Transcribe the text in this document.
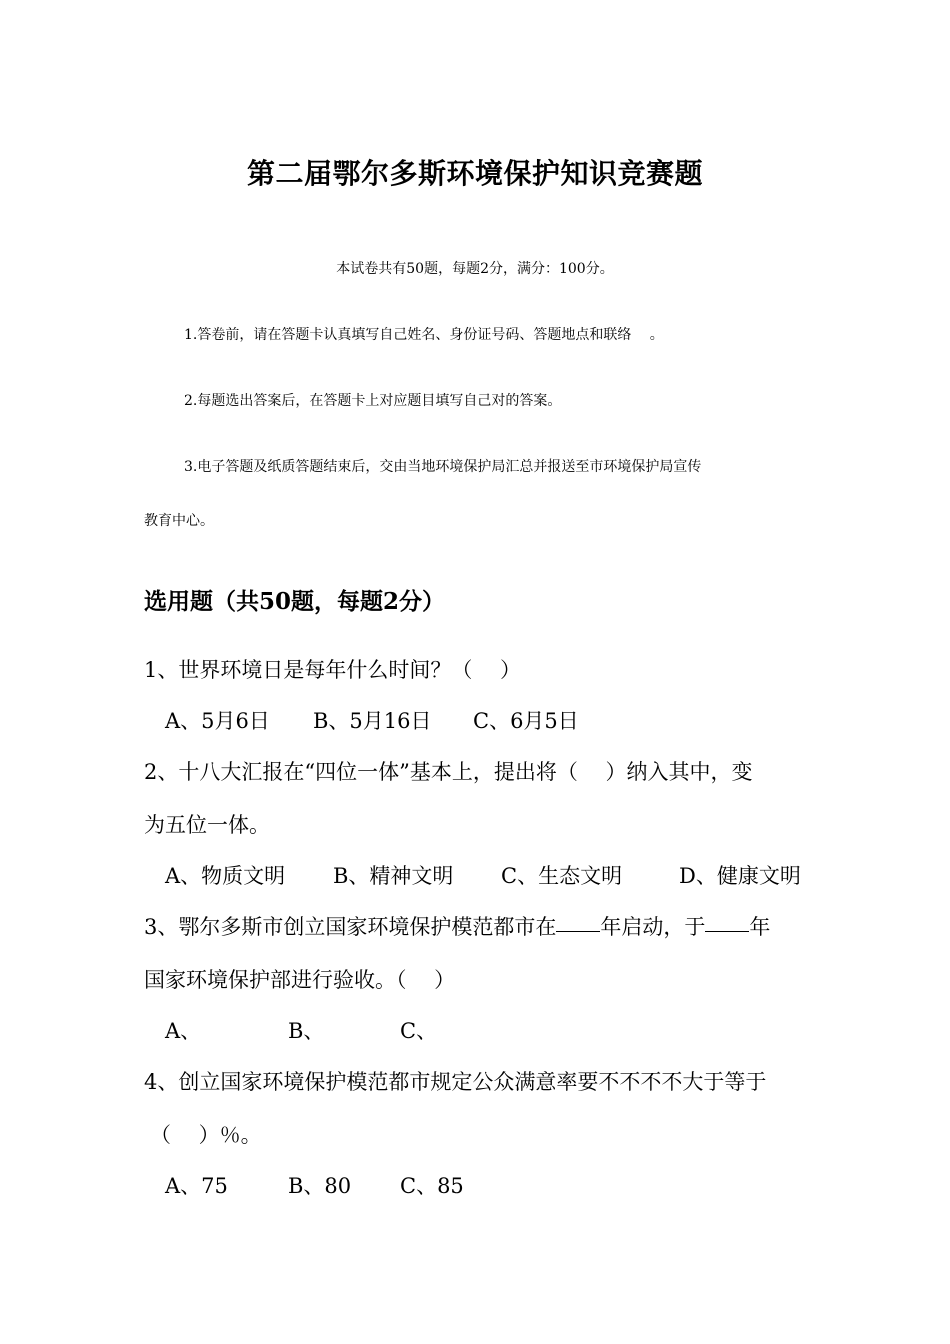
第二届鄂尔多斯环境保护知识竞赛题
本试卷共有50题，每题2分，满分：100分。
1.答卷前，请在答题卡认真填写自己姓名、身份证号码、答题地点和联络　 。
2.每题选出答案后，在答题卡上对应题目填写自己对的答案。
3.电子答题及纸质答题结束后，交由当地环境保护局汇总并报送至市环境保护局宣传
教育中心。
选用题（共50题，每题2分）
1、世界环境日是每年什么时间？（　 ）
A、5月6日 B、5月16日 C、6月5日
2、十八大汇报在“四位一体”基本上，提出将（　 ）纳入其中，变
为五位一体。
A、物质文明 B、精神文明 C、生态文明	D、健康文明
3、鄂尔多斯市创立国家环境保护模范都市在 年启动，于 年
国家环境保护部进行验收。（　 ）
A、	B、	C、
4、创立国家环境保护模范都市规定公众满意率要不不不不大于等于
（　 ）％。
A、75	B、80 C、85
